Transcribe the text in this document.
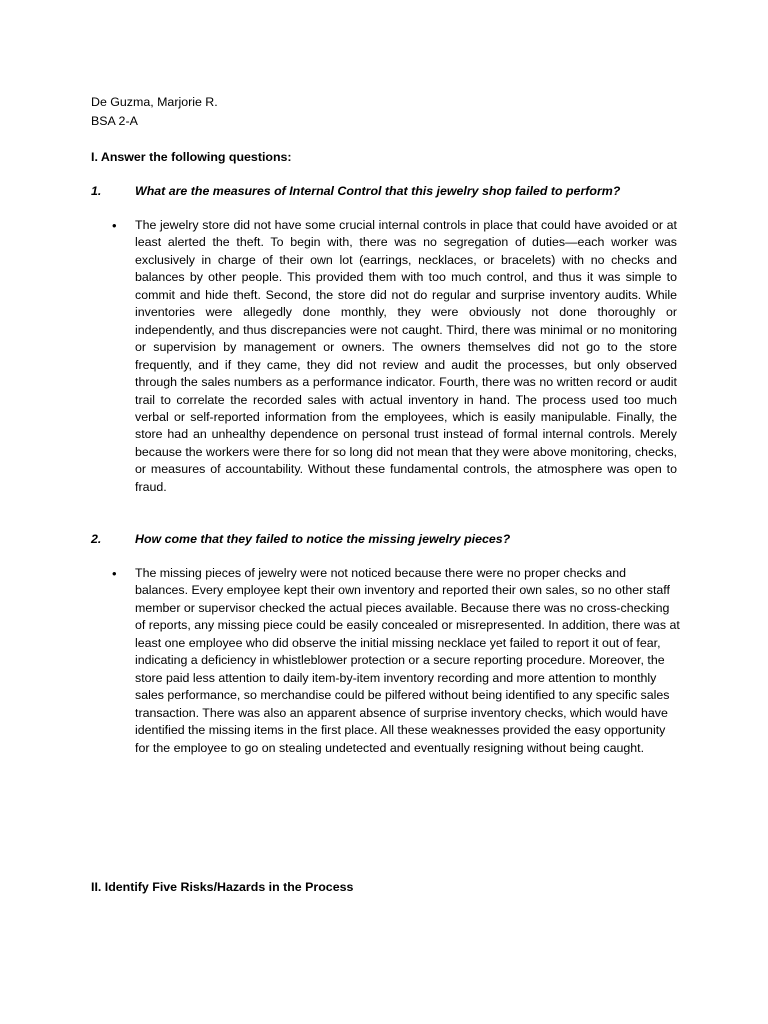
De Guzma, Marjorie R.
BSA 2-A
I. Answer the following questions:
1.	What are the measures of Internal Control that this jewelry shop failed to perform?
• The jewelry store did not have some crucial internal controls in place that could have avoided or at least alerted the theft. To begin with, there was no segregation of duties—each worker was exclusively in charge of their own lot (earrings, necklaces, or bracelets) with no checks and balances by other people. This provided them with too much control, and thus it was simple to commit and hide theft. Second, the store did not do regular and surprise inventory audits. While inventories were allegedly done monthly, they were obviously not done thoroughly or independently, and thus discrepancies were not caught. Third, there was minimal or no monitoring or supervision by management or owners. The owners themselves did not go to the store frequently, and if they came, they did not review and audit the processes, but only observed through the sales numbers as a performance indicator. Fourth, there was no written record or audit trail to correlate the recorded sales with actual inventory in hand. The process used too much verbal or self-reported information from the employees, which is easily manipulable. Finally, the store had an unhealthy dependence on personal trust instead of formal internal controls. Merely because the workers were there for so long did not mean that they were above monitoring, checks, or measures of accountability. Without these fundamental controls, the atmosphere was open to fraud.
2.	How come that they failed to notice the missing jewelry pieces?
• The missing pieces of jewelry were not noticed because there were no proper checks and balances. Every employee kept their own inventory and reported their own sales, so no other staff member or supervisor checked the actual pieces available. Because there was no cross-checking of reports, any missing piece could be easily concealed or misrepresented. In addition, there was at least one employee who did observe the initial missing necklace yet failed to report it out of fear, indicating a deficiency in whistleblower protection or a secure reporting procedure. Moreover, the store paid less attention to daily item-by-item inventory recording and more attention to monthly sales performance, so merchandise could be pilfered without being identified to any specific sales transaction. There was also an apparent absence of surprise inventory checks, which would have identified the missing items in the first place. All these weaknesses provided the easy opportunity for the employee to go on stealing undetected and eventually resigning without being caught.
II. Identify Five Risks/Hazards in the Process
